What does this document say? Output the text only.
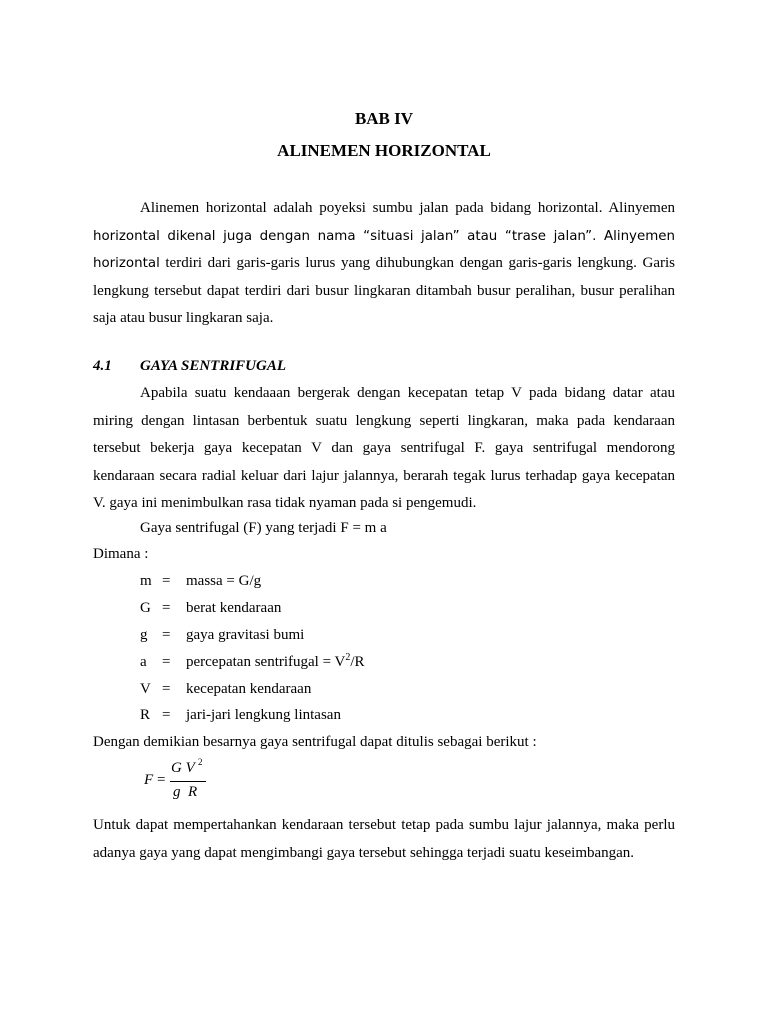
BAB IV
ALINEMEN HORIZONTAL

Alinemen horizontal adalah poyeksi sumbu jalan pada bidang horizontal. Alinyemen horizontal dikenal juga dengan nama “situasi jalan” atau “trase jalan”. Alinyemen horizontal terdiri dari garis-garis lurus yang dihubungkan dengan garis-garis lengkung. Garis lengkung tersebut dapat terdiri dari busur lingkaran ditambah busur peralihan, busur peralihan saja atau busur lingkaran saja.

4.1 GAYA SENTRIFUGAL

Apabila suatu kendaaan bergerak dengan kecepatan tetap V pada bidang datar atau miring dengan lintasan berbentuk suatu lengkung seperti lingkaran, maka pada kendaraan tersebut bekerja gaya kecepatan V dan gaya sentrifugal F. gaya sentrifugal mendorong kendaraan secara radial keluar dari lajur jalannya, berarah tegak lurus terhadap gaya kecepatan V. gaya ini menimbulkan rasa tidak nyaman pada si pengemudi.

Gaya sentrifugal (F) yang terjadi F = m a

Dimana :

m = massa = G/g
G = berat kendaraan
g = gaya gravitasi bumi
a = percepatan sentrifugal = $V^2/R$
V = kecepatan kendaraan
R = jari-jari lengkung lintasan

Dengan demikian besarnya gaya sentrifugal dapat ditulis sebagai berikut :

F =
G V 2
g  R

Untuk dapat mempertahankan kendaraan tersebut tetap pada sumbu lajur jalannya, maka perlu adanya gaya yang dapat mengimbangi gaya tersebut sehingga terjadi suatu keseimbangan.
